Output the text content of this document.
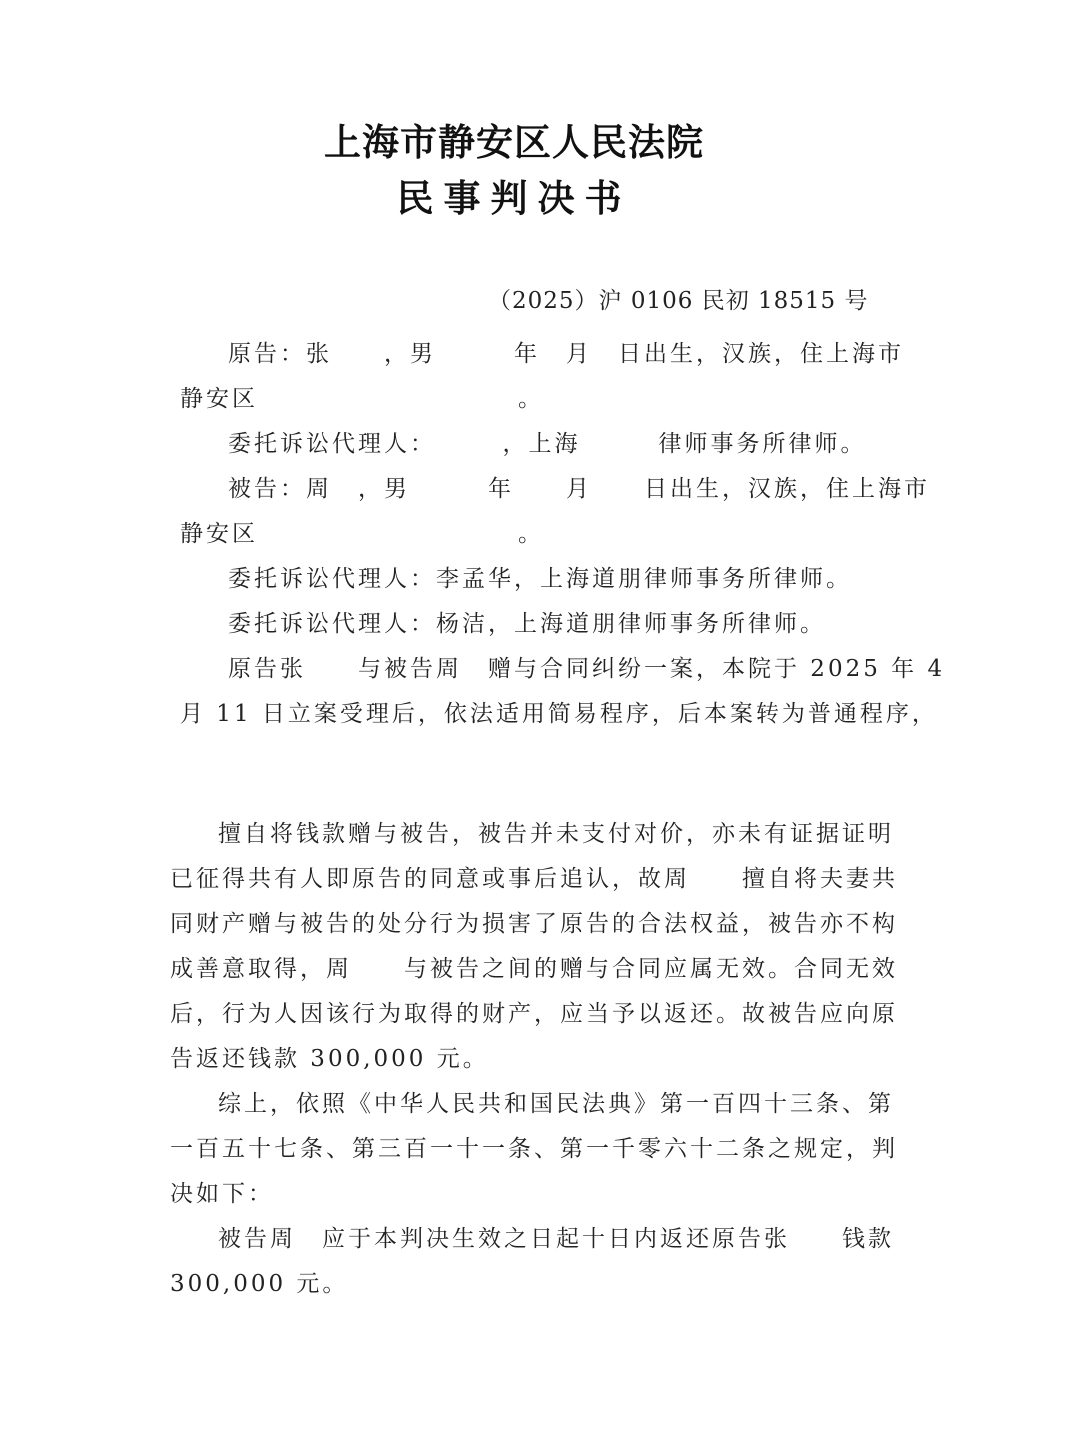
上海市静安区人民法院
民事判决书
（2025）沪 0106 民初 18515 号
原告：张　　，男　　　年　月　日出生，汉族，住上海市
静安区　　　　　　　　　　。
委托诉讼代理人：　　　，上海　　　律师事务所律师。
被告：周　，男　　　年　　月　　日出生，汉族，住上海市
静安区　　　　　　　　　　。
委托诉讼代理人：李孟华，上海道朋律师事务所律师。
委托诉讼代理人：杨洁，上海道朋律师事务所律师。
原告张　　与被告周　赠与合同纠纷一案，本院于 2025 年 4
月 11 日立案受理后，依法适用简易程序，后本案转为普通程序，
擅自将钱款赠与被告，被告并未支付对价，亦未有证据证明
已征得共有人即原告的同意或事后追认，故周　　擅自将夫妻共
同财产赠与被告的处分行为损害了原告的合法权益，被告亦不构
成善意取得，周　　与被告之间的赠与合同应属无效。合同无效
后，行为人因该行为取得的财产，应当予以返还。故被告应向原
告返还钱款 300,000 元。
综上，依照《中华人民共和国民法典》第一百四十三条、第
一百五十七条、第三百一十一条、第一千零六十二条之规定，判
决如下：
被告周　应于本判决生效之日起十日内返还原告张　　钱款
300,000 元。
